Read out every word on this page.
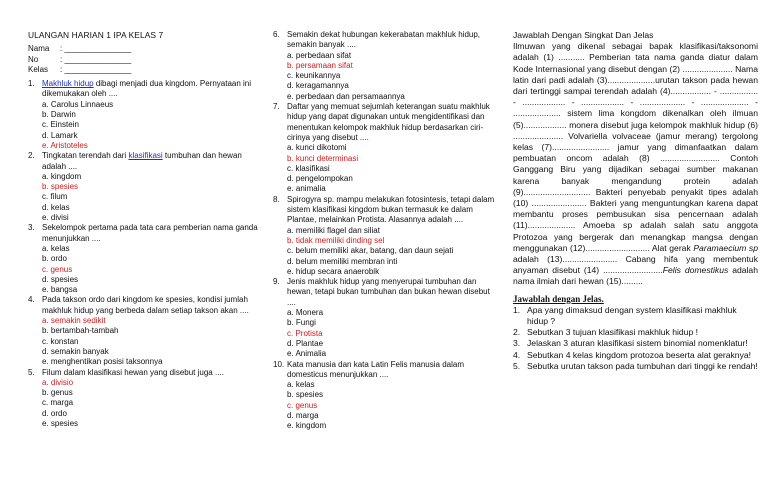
ULANGAN HARIAN 1 IPA KELAS 7
Nama	: _______________
No	: _______________
Kelas	: _______________
1. Makhluk hidup dibagi menjadi dua kingdom. Pernyataan ini dikemukakan oleh ....
a. Carolus Linnaeus
b. Darwin
c. Einstein
d. Lamark
e. Aristoteles
2. Tingkatan terendah dari klasifikasi tumbuhan dan hewan adalah ....
a. kingdom
b. spesies
c. filum
d. kelas
e. divisi
3. Sekelompok pertama pada tata cara pemberian nama ganda menunjukkan ....
a. kelas
b. ordo
c. genus
d. spesies
e. bangsa
4. Pada takson ordo dari kingdom ke spesies, kondisi jumlah makhluk hidup yang berbeda dalam setiap takson akan ....
a. semakin sedikit
b. bertambah-tambah
c. konstan
d. semakin banyak
e. menghentikan posisi taksonnya
5. Filum dalam klasifikasi hewan yang disebut juga ....
a. divisio
b. genus
c. marga
d. ordo
e. spesies
6. Semakin dekat hubungan kekerabatan makhluk hidup, semakin banyak ....
a. perbedaan sifat
b. persamaan sifat
c. keunikannya
d. keragamannya
e. perbedaan dan persamaannya
7. Daftar yang memuat sejumlah keterangan suatu makhluk hidup yang dapat digunakan untuk mengidentifikasi dan menentukan kelompok makhluk hidup berdasarkan ciri-cirinya yang disebut ....
a. kunci dikotomi
b. kunci determinasi
c. klasifikasi
d. pengelompokan
e. animalia
8. Spirogyra sp. mampu melakukan fotosintesis, tetapi dalam sistem klasifikasi kingdom bukan termasuk ke dalam Plantae, melainkan Protista. Alasannya adalah ....
a. memiliki flagel dan siliat
b. tidak memiliki dinding sel
c. belum memiliki akar, batang, dan daun sejati
d. belum memiliki membran inti
e. hidup secara anaerobik
9. Jenis makhluk hidup yang menyerupai tumbuhan dan hewan, tetapi bukan tumbuhan dan bukan hewan disebut ....
a. Monera
b. Fungi
c. Protista
d. Plantae
e. Animalia
10. Kata manusia dan kata Latin Felis manusia dalam domesticus menunjukkan ....
a. kelas
b. spesies
c. genus
d. marga
e. kingdom
Jawablah Dengan Singkat Dan Jelas
Ilmuwan yang dikenal sebagai bapak klasifikasi/taksonomi adalah (1) ........... Pemberian tata nama ganda diatur dalam Kode Internasional yang disebut dengan (2) ..................... Nama latin dari padi adalah (3)....................urutan takson pada hewan dari tertinggi sampai terendah adalah (4)................. - ................ - .................. - .................. - ................... - .................... - .................... sistem lima kongdom dikenalkan oleh ilmuan (5).................. monera disebut juga kelompok makhluk hidup (6) ..................... Volvariella volvaceae (jamur merang) tergolong kelas (7)........................ jamur yang dimanfaatkan dalam pembuatan oncom adalah (8) ......................... Contoh Ganggang Biru yang dijadikan sebagai sumber makanan karena banyak mengandung protein adalah (9)............................ Bakteri penyebab penyakit tipes adalah (10) ....................... Bakteri yang menguntungkan karena dapat membantu proses pembusukan sisa pencernaan adalah (11).................... Amoeba sp adalah salah satu anggota Protozoa yang bergerak dan menangkap mangsa dengan menggunakan (12)........................... Alat gerak Paramaecium sp adalah (13)....................... Cabang hifa yang membentuk anyaman disebut (14) .........................Felis domestikus adalah nama ilmiah dari hewan (15).........
Jawablah dengan Jelas.
1. Apa yang dimaksud dengan system klasifikasi makhluk hidup ?
2. Sebutkan 3 tujuan klasifikasi makhluk hidup !
3. Jelaskan 3 aturan klasifikasi sistem binomial nomenklatur!
4. Sebutkan 4 kelas kingdom protozoa beserta alat geraknya!
5. Sebutka urutan takson pada tumbuhan dari tinggi ke rendah!
